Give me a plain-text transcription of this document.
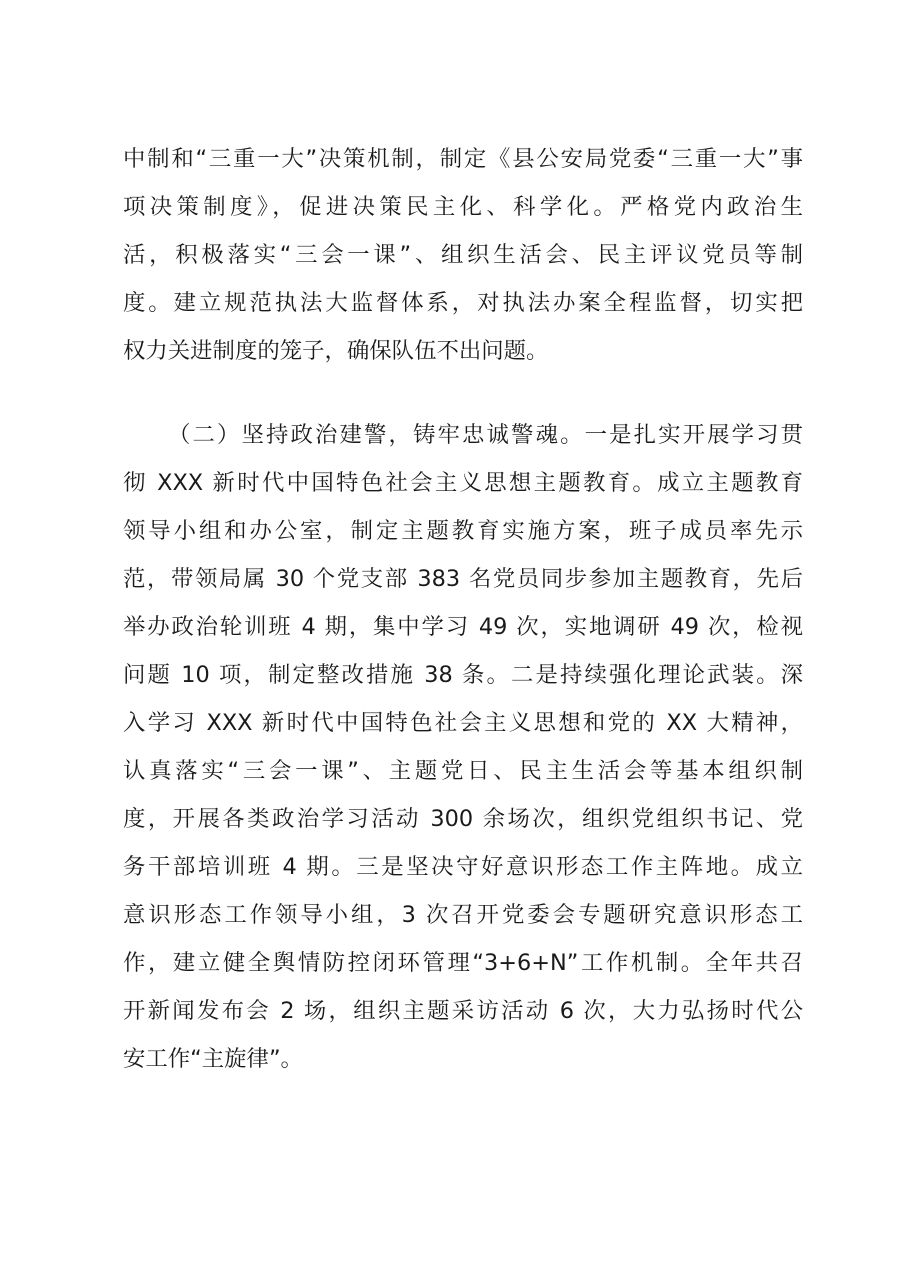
中制和“三重一大”决策机制，制定《县公安局党委“三重一大”事
项决策制度》，促进决策民主化、科学化。严格党内政治生
活，积极落实“三会一课”、组织生活会、民主评议党员等制
度。建立规范执法大监督体系，对执法办案全程监督，切实把
权力关进制度的笼子，确保队伍不出问题。
（二）坚持政治建警，铸牢忠诚警魂。一是扎实开展学习贯
彻 XXX 新时代中国特色社会主义思想主题教育。成立主题教育
领导小组和办公室，制定主题教育实施方案，班子成员率先示
范，带领局属 30 个党支部 383 名党员同步参加主题教育，先后
举办政治轮训班 4 期，集中学习 49 次，实地调研 49 次，检视
问题 10 项，制定整改措施 38 条。二是持续强化理论武装。深
入学习 XXX 新时代中国特色社会主义思想和党的 XX 大精神，
认真落实“三会一课”、主题党日、民主生活会等基本组织制
度，开展各类政治学习活动 300 余场次，组织党组织书记、党
务干部培训班 4 期。三是坚决守好意识形态工作主阵地。成立
意识形态工作领导小组，3 次召开党委会专题研究意识形态工
作，建立健全舆情防控闭环管理“3+6+N”工作机制。全年共召
开新闻发布会 2 场，组织主题采访活动 6 次，大力弘扬时代公
安工作“主旋律”。
